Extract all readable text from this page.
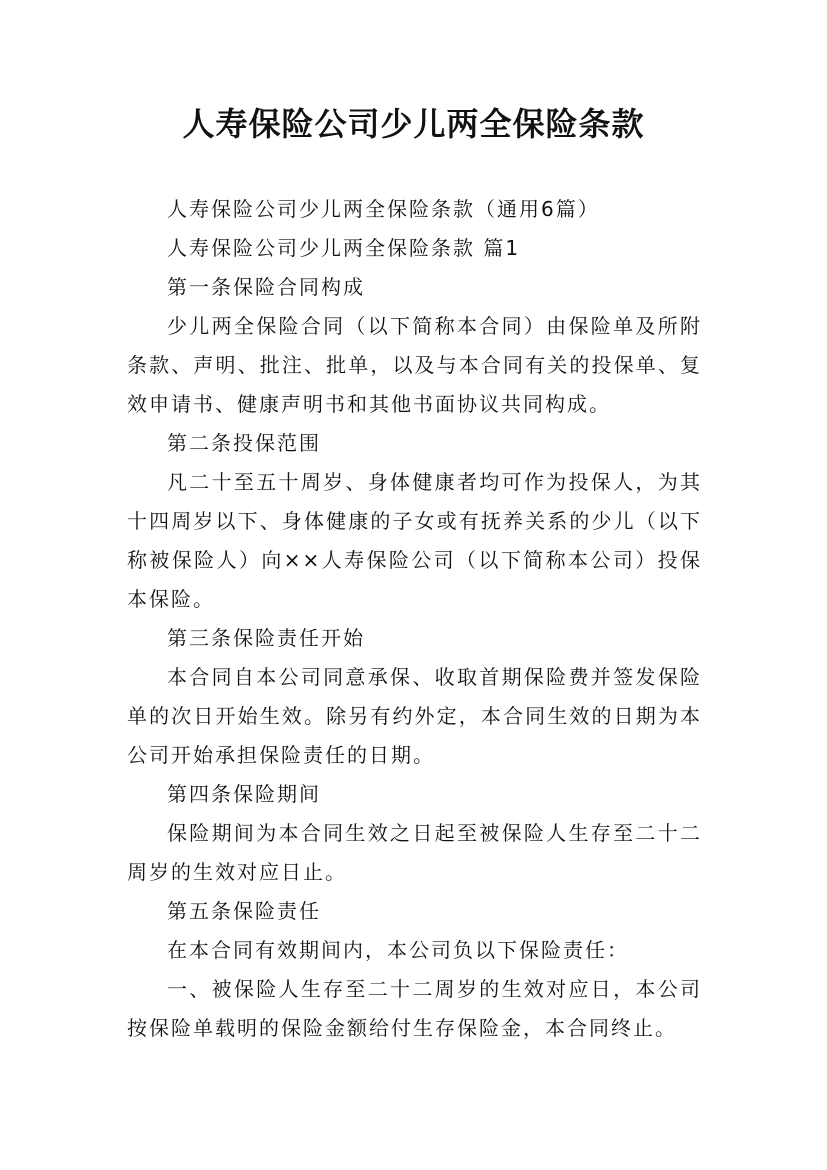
人寿保险公司少儿两全保险条款

人寿保险公司少儿两全保险条款（通用6篇）

人寿保险公司少儿两全保险条款 篇1

第一条保险合同构成

少儿两全保险合同（以下简称本合同）由保险单及所附条款、声明、批注、批单，以及与本合同有关的投保单、复效申请书、健康声明书和其他书面协议共同构成。

第二条投保范围

凡二十至五十周岁、身体健康者均可作为投保人，为其十四周岁以下、身体健康的子女或有抚养关系的少儿（以下称被保险人）向××人寿保险公司（以下简称本公司）投保本保险。

第三条保险责任开始

本合同自本公司同意承保、收取首期保险费并签发保险单的次日开始生效。除另有约外定，本合同生效的日期为本公司开始承担保险责任的日期。

第四条保险期间

保险期间为本合同生效之日起至被保险人生存至二十二周岁的生效对应日止。

第五条保险责任

在本合同有效期间内，本公司负以下保险责任：

一、被保险人生存至二十二周岁的生效对应日，本公司按保险单载明的保险金额给付生存保险金，本合同终止。
